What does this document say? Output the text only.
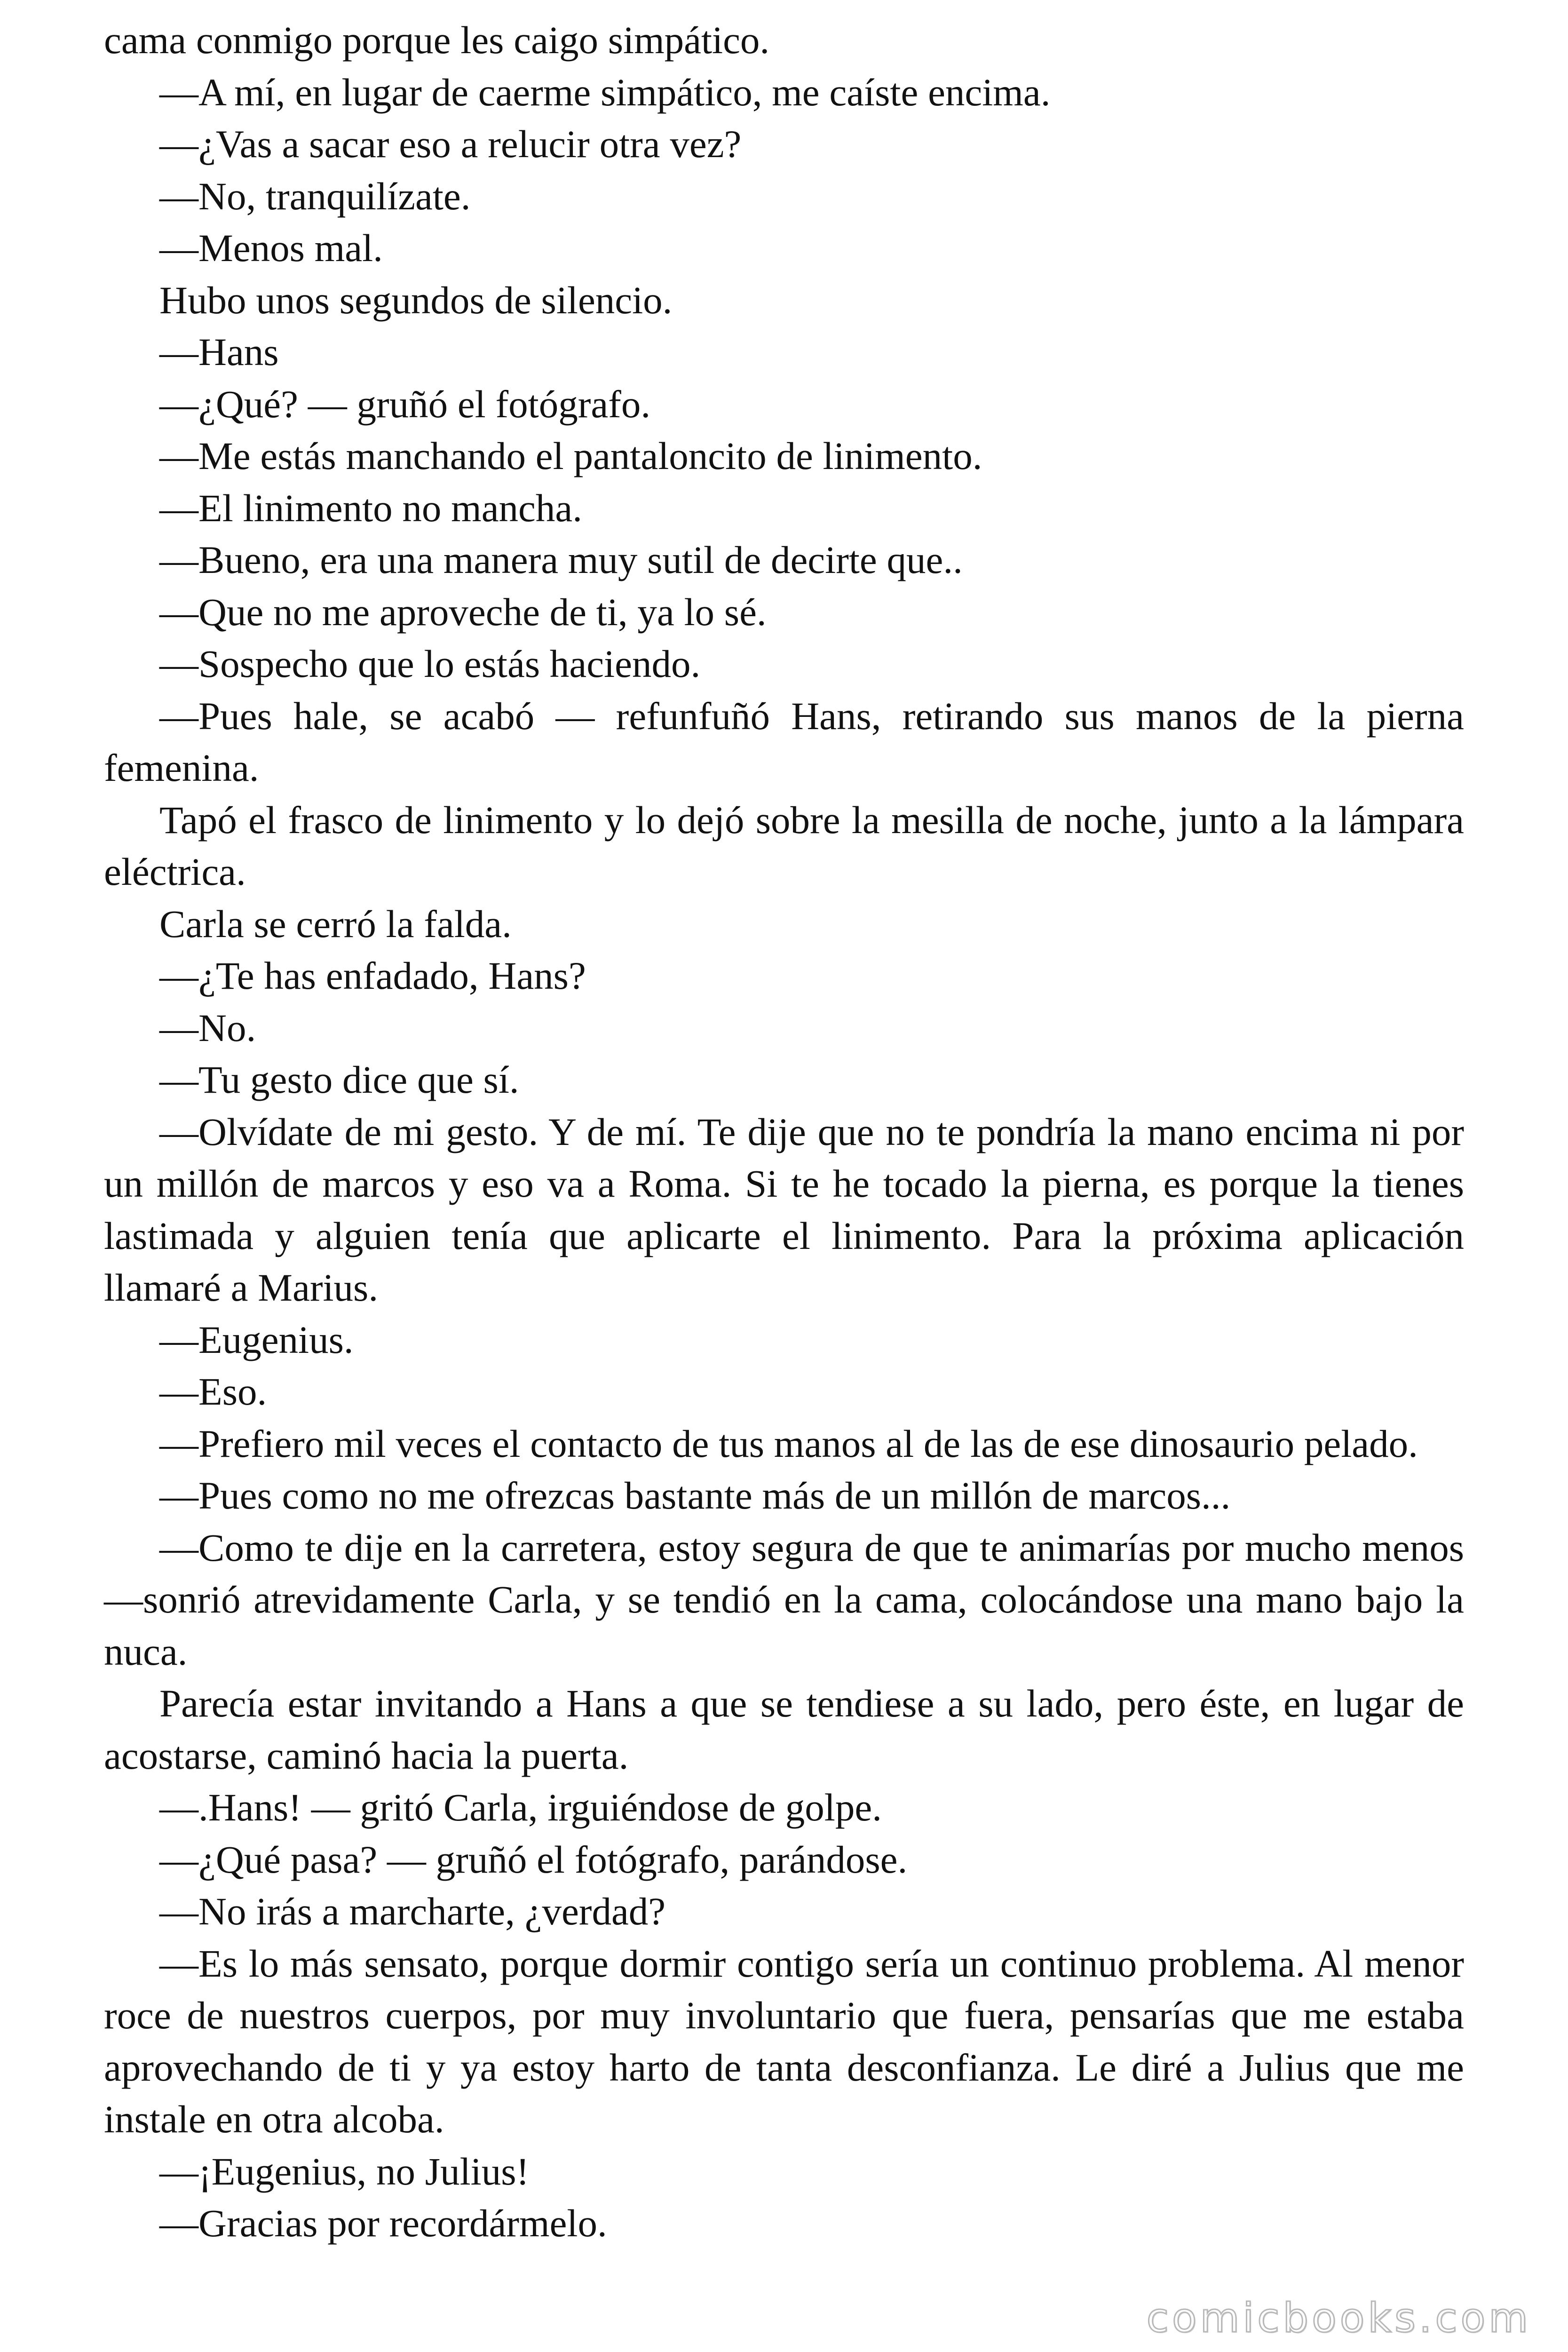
cama conmigo porque les caigo simpático.

—A mí, en lugar de caerme simpático, me caíste encima.

—¿Vas a sacar eso a relucir otra vez?

—No, tranquilízate.

—Menos mal.

Hubo unos segundos de silencio.

—Hans

—¿Qué? — gruñó el fotógrafo.

—Me estás manchando el pantaloncito de linimento.

—El linimento no mancha.

—Bueno, era una manera muy sutil de decirte que..

—Que no me aproveche de ti, ya lo sé.

—Sospecho que lo estás haciendo.

—Pues hale, se acabó — refunfuñó Hans, retirando sus manos de la pierna femenina.

Tapó el frasco de linimento y lo dejó sobre la mesilla de noche, junto a la lámpara eléctrica.

Carla se cerró la falda.

—¿Te has enfadado, Hans?

—No.

—Tu gesto dice que sí.

—Olvídate de mi gesto. Y de mí. Te dije que no te pondría la mano encima ni por un millón de marcos y eso va a Roma. Si te he tocado la pierna, es porque la tienes lastimada y alguien tenía que aplicarte el linimento. Para la próxima aplicación llamaré a Marius.

—Eugenius.

—Eso.

—Prefiero mil veces el contacto de tus manos al de las de ese dinosaurio pelado.

—Pues como no me ofrezcas bastante más de un millón de marcos...

—Como te dije en la carretera, estoy segura de que te animarías por mucho menos —sonrió atrevidamente Carla, y se tendió en la cama, colocándose una mano bajo la nuca.

Parecía estar invitando a Hans a que se tendiese a su lado, pero éste, en lugar de acostarse, caminó hacia la puerta.

—.Hans! — gritó Carla, irguiéndose de golpe.

—¿Qué pasa? — gruñó el fotógrafo, parándose.

—No irás a marcharte, ¿verdad?

—Es lo más sensato, porque dormir contigo sería un continuo problema. Al menor roce de nuestros cuerpos, por muy involuntario que fuera, pensarías que me estaba aprovechando de ti y ya estoy harto de tanta desconfianza. Le diré a Julius que me instale en otra alcoba.

—¡Eugenius, no Julius!

—Gracias por recordármelo.

comicbooks.com
